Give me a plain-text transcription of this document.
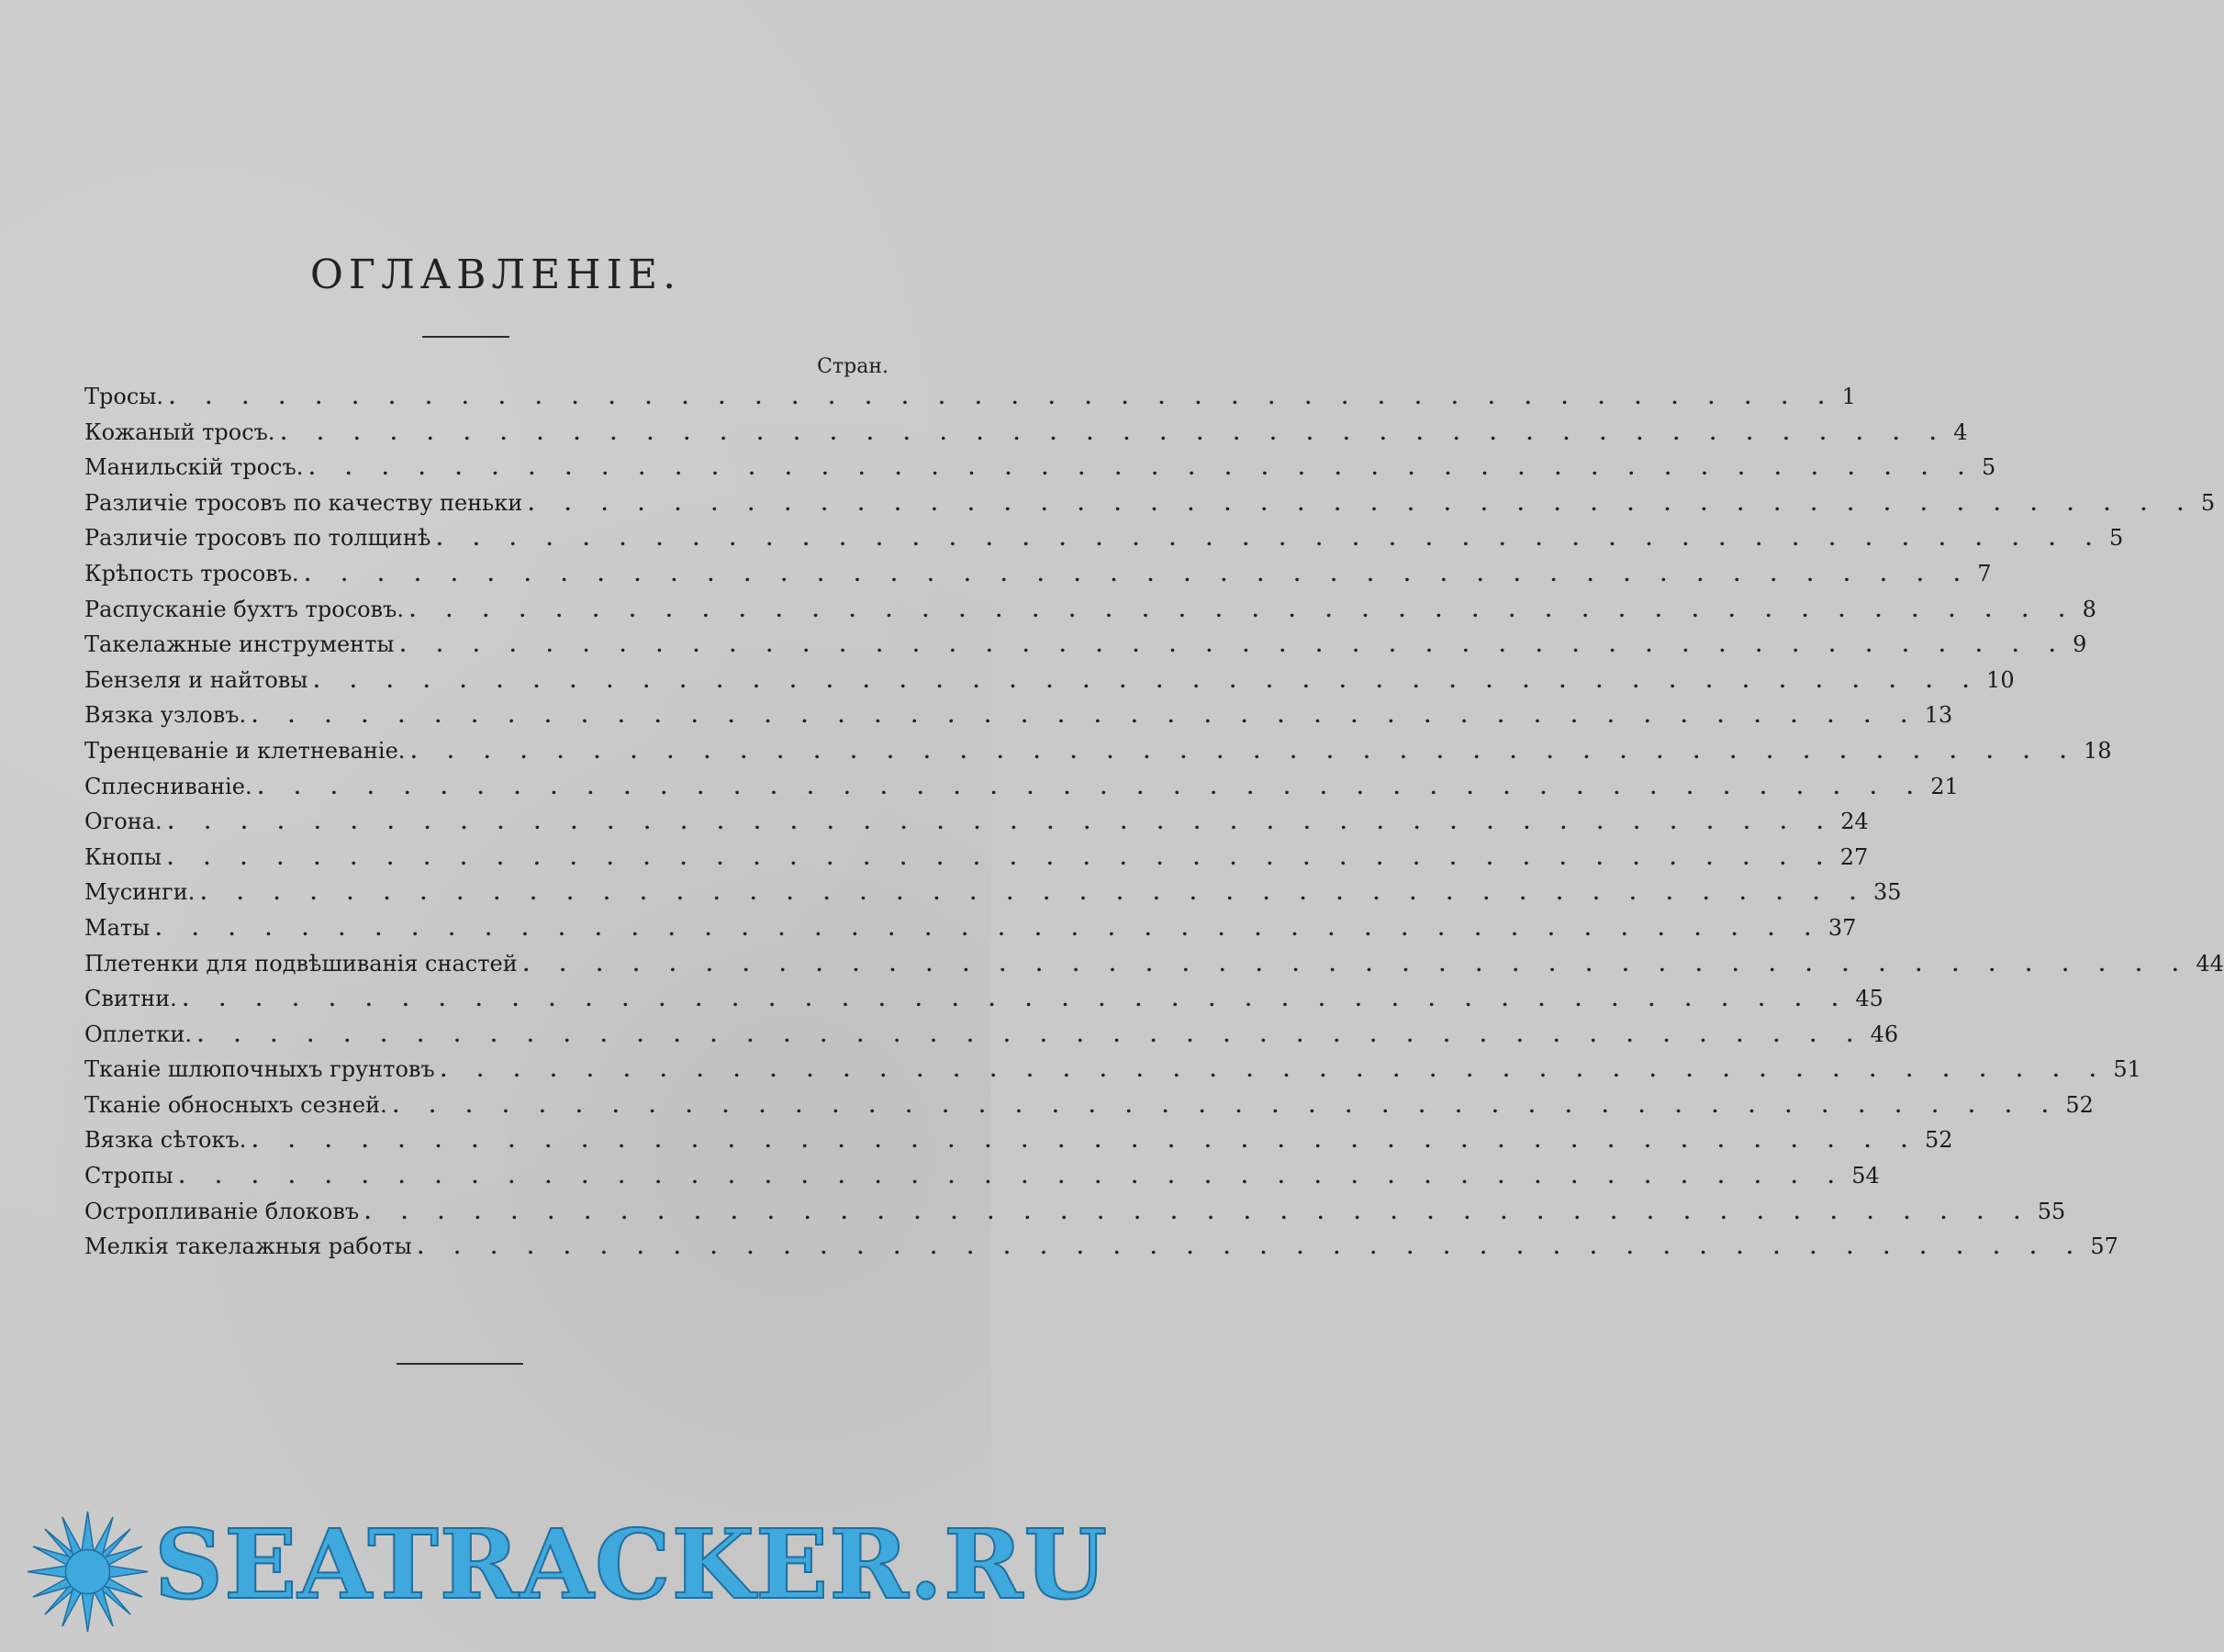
ОГЛАВЛЕНІЕ.
Стран.
Тросы. . . . . . . . . . . . . . . . . . . . . . . . . . . . . . . . . . . . . . . . . . . . . . . 1
Кожаный тросъ. . . . . . . . . . . . . . . . . . . . . . . . . . . . . . . . . . . . . . . . . . . . . . . 4
Манильскій тросъ. . . . . . . . . . . . . . . . . . . . . . . . . . . . . . . . . . . . . . . . . . . . . . . 5
Различіе тросовъ по качеству пеньки . . . . . . . . . . . . . . . . . . . . . . . . . . . . . . . . . . . . . . . . . . . . . . 5
Различіе тросовъ по толщинѣ . . . . . . . . . . . . . . . . . . . . . . . . . . . . . . . . . . . . . . . . . . . . . . 5
Крѣпость тросовъ. . . . . . . . . . . . . . . . . . . . . . . . . . . . . . . . . . . . . . . . . . . . . . . 7
Распусканіе бухтъ тросовъ. . . . . . . . . . . . . . . . . . . . . . . . . . . . . . . . . . . . . . . . . . . . . . . 8
Такелажные инструменты . . . . . . . . . . . . . . . . . . . . . . . . . . . . . . . . . . . . . . . . . . . . . . 9
Бензеля и найтовы . . . . . . . . . . . . . . . . . . . . . . . . . . . . . . . . . . . . . . . . . . . . . . 10
Вязка узловъ. . . . . . . . . . . . . . . . . . . . . . . . . . . . . . . . . . . . . . . . . . . . . . . 13
Тренцеваніе и клетневаніе. . . . . . . . . . . . . . . . . . . . . . . . . . . . . . . . . . . . . . . . . . . . . . . 18
Сплесниваніе. . . . . . . . . . . . . . . . . . . . . . . . . . . . . . . . . . . . . . . . . . . . . . . 21
Огона. . . . . . . . . . . . . . . . . . . . . . . . . . . . . . . . . . . . . . . . . . . . . . . 24
Кнопы . . . . . . . . . . . . . . . . . . . . . . . . . . . . . . . . . . . . . . . . . . . . . . 27
Мусинги. . . . . . . . . . . . . . . . . . . . . . . . . . . . . . . . . . . . . . . . . . . . . . . 35
Маты . . . . . . . . . . . . . . . . . . . . . . . . . . . . . . . . . . . . . . . . . . . . . . 37
Плетенки для подвѣшиванія снастей . . . . . . . . . . . . . . . . . . . . . . . . . . . . . . . . . . . . . . . . . . . . . . 44
Свитни. . . . . . . . . . . . . . . . . . . . . . . . . . . . . . . . . . . . . . . . . . . . . . . 45
Оплетки. . . . . . . . . . . . . . . . . . . . . . . . . . . . . . . . . . . . . . . . . . . . . . . 46
Тканіе шлюпочныхъ грунтовъ . . . . . . . . . . . . . . . . . . . . . . . . . . . . . . . . . . . . . . . . . . . . . . 51
Тканіе обносныхъ сезней. . . . . . . . . . . . . . . . . . . . . . . . . . . . . . . . . . . . . . . . . . . . . . . 52
Вязка сѣтокъ. . . . . . . . . . . . . . . . . . . . . . . . . . . . . . . . . . . . . . . . . . . . . . . 52
Стропы . . . . . . . . . . . . . . . . . . . . . . . . . . . . . . . . . . . . . . . . . . . . . . 54
Остропливаніе блоковъ . . . . . . . . . . . . . . . . . . . . . . . . . . . . . . . . . . . . . . . . . . . . . . 55
Мелкія такелажныя работы . . . . . . . . . . . . . . . . . . . . . . . . . . . . . . . . . . . . . . . . . . . . . . 57
SEATRACKER.RU
